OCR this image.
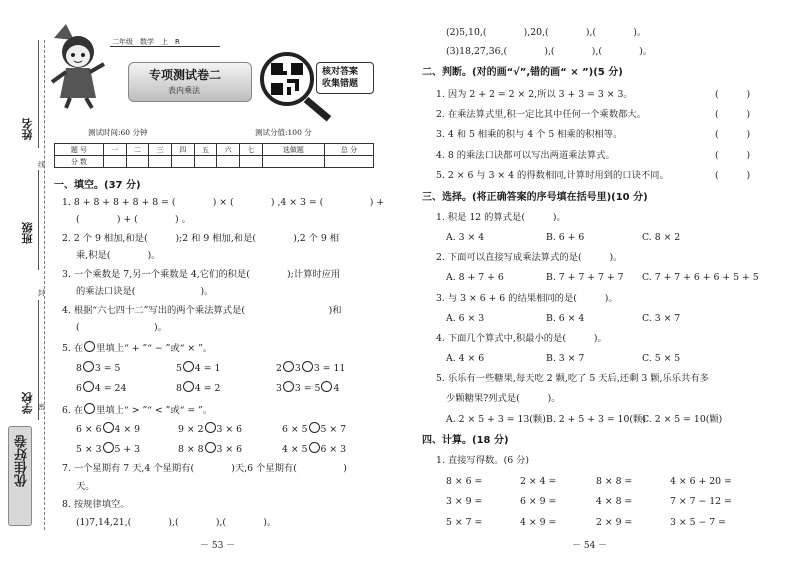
姓名
班级
学校
线
封
密
优佳好卷
二年级　数学　上　R
专项测试卷二
表内乘法
核对答案
收集错题
测试时间:60 分钟	测试分值:100 分
题 号	一	二	三	四	五	六	七	选做题	总 分
分 数									
一、填空。(37 分)
1. 8 + 8 + 8 + 8 + 8 = (　　　　) × (　　　　) ,4 × 3 = (　　　　　) +
(　　　　) + (　　　　) 。
2. 2 个 9 相加,和是(　　　);2 和 9 相加,和是(　　　　),2 个 9 相
乘,积是(　　　　)。
3. 一个乘数是 7,另一个乘数是 4,它们的积是(　　　　);计算时应用
的乘法口诀是(　　　　　　　)。
4. 根据“六七四十二”写出的两个乘法算式是(　　　　　　　　　)和
(　　　　　　　　)。
5. 在 里填上“ + ”“ − ”或“ × ”。
8 3 = 5	5 4 = 1	2 3 3 = 11
6 4 = 24	8 4 = 2	3 3 = 5 4
6. 在 里填上“ > ”“ < ”或“ = ”。
6 × 6 4 × 9	9 × 2 3 × 6	6 × 5 5 × 7
5 × 3 5 + 3	8 × 8 3 × 6	4 × 5 6 × 3
7. 一个星期有 7 天,4 个星期有(　　　　)天,6 个星期有(　　　　　)
天。
8. 按规律填空。
(1)7,14,21,(　　　　),(　　　　),(　　　　)。
－ 53 －
(2)5,10,(　　　　),20,(　　　　),(　　　　)。
(3)18,27,36,(　　　　),(　　　　),(　　　　)。
二、判断。(对的画“√”,错的画“ × ”)(5 分)
1. 因为 2 + 2 = 2 × 2,所以 3 + 3 = 3 × 3。	(　　　)
2. 在乘法算式里,积一定比其中任何一个乘数都大。	(　　　)
3. 4 和 5 相乘的积与 4 个 5 相乘的积相等。	(　　　)
4. 8 的乘法口诀都可以写出两道乘法算式。	(　　　)
5. 2 × 6 与 3 × 4 的得数相同,计算时用到的口诀不同。	(　　　)
三、选择。(将正确答案的序号填在括号里)(10 分)
1. 积是 12 的算式是(　　　)。
A. 3 × 4	B. 6 + 6	C. 8 × 2
2. 下面可以直接写成乘法算式的是(　　　)。
A. 8 + 7 + 6	B. 7 + 7 + 7 + 7 C. 7 + 7 + 6 + 6 + 5 + 5
3. 与 3 × 6 + 6 的结果相同的是(　　　)。
A. 6 × 3	B. 6 × 4	C. 3 × 7
4. 下面几个算式中,积最小的是(　　　)。
A. 4 × 6	B. 3 × 7	C. 5 × 5
5. 乐乐有一些糖果,每天吃 2 颗,吃了 5 天后,还剩 3 颗,乐乐共有多
少颗糖果?列式是(　　　)。
A. 2 × 5 + 3 = 13(颗) B. 2 + 5 + 3 = 10(颗)
C. 2 × 5 = 10(颗)
四、计算。(18 分)
1. 直接写得数。(6 分)
8 × 6 =	2 × 4 =	8 × 8 =	4 × 6 + 20 =
3 × 9 =	6 × 9 =	4 × 8 =	7 × 7 − 12 =
5 × 7 =	4 × 9 =	2 × 9 =	3 × 5 − 7 =
－ 54 －
